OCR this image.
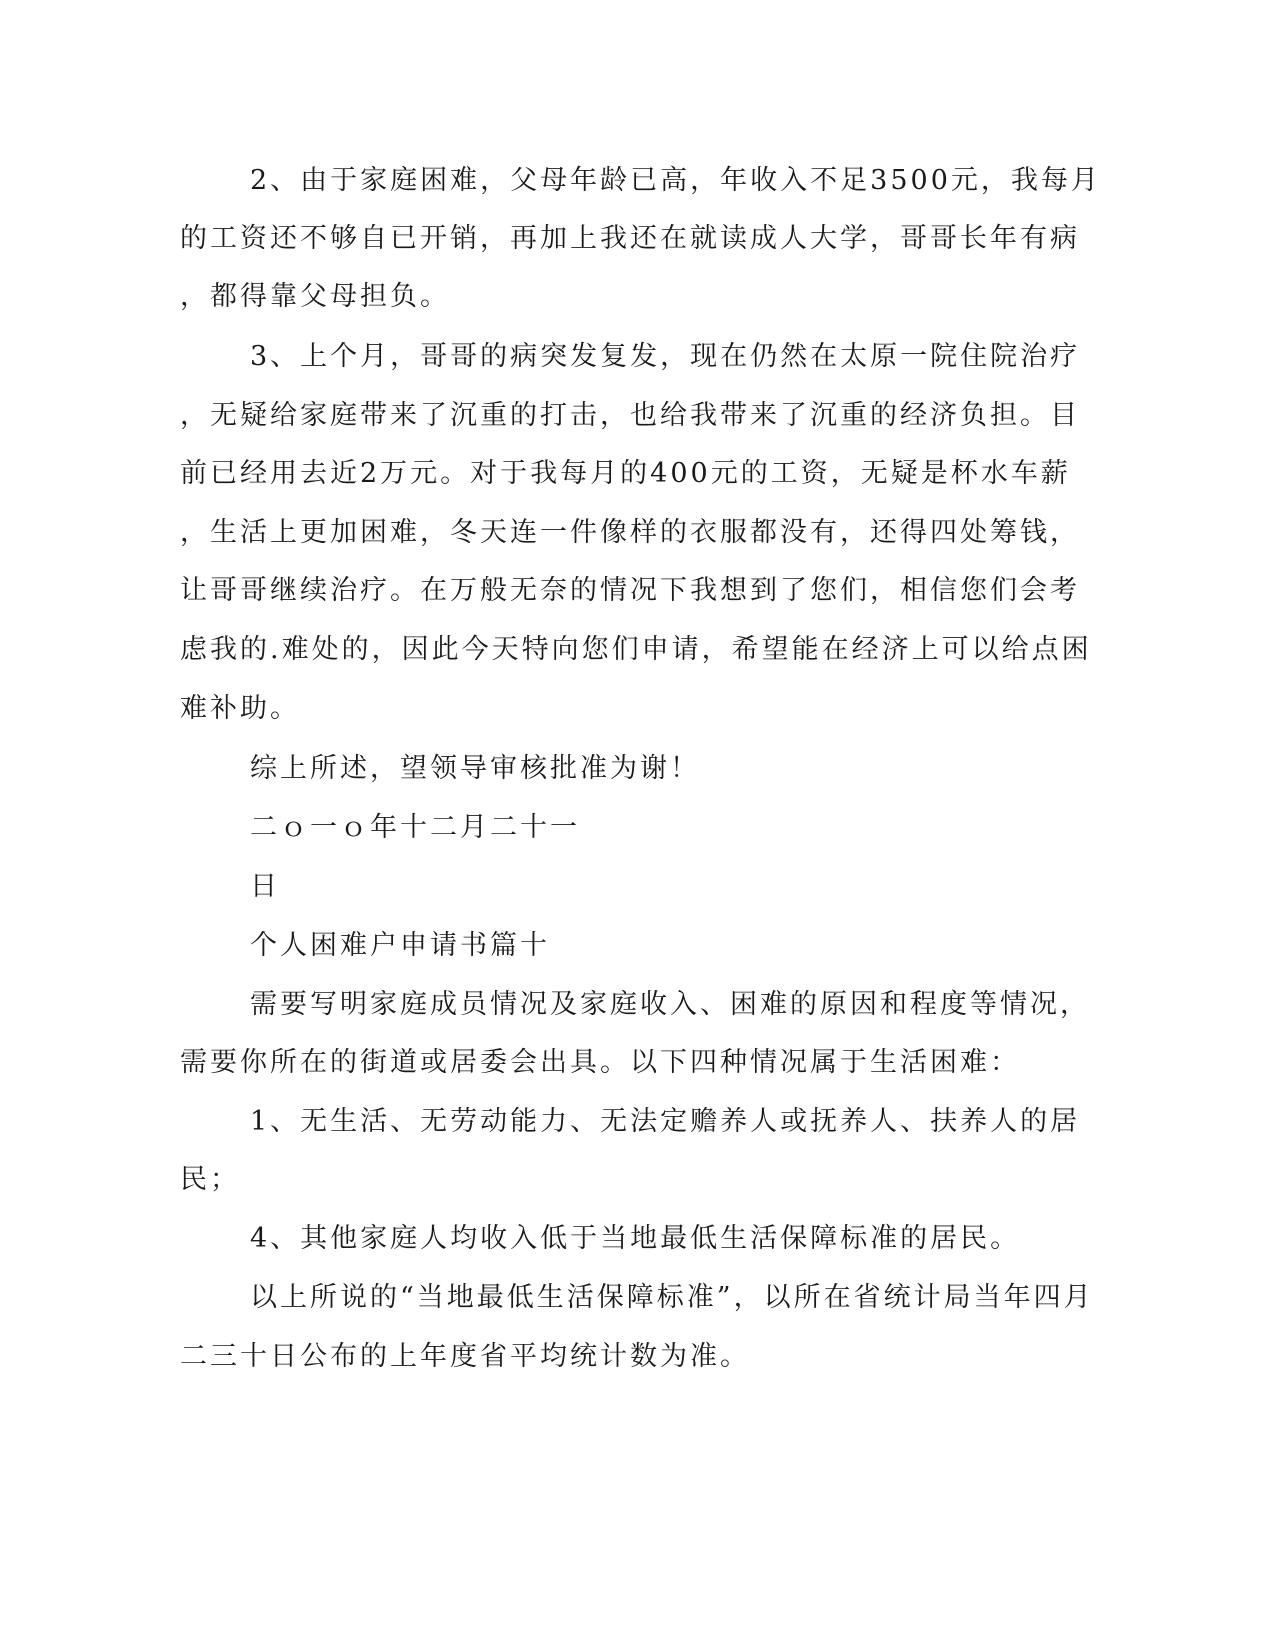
2、由于家庭困难，父母年龄已高，年收入不足3500元，我每月
的工资还不够自已开销，再加上我还在就读成人大学，哥哥长年有病
，都得靠父母担负。
3、上个月，哥哥的病突发复发，现在仍然在太原一院住院治疗
，无疑给家庭带来了沉重的打击，也给我带来了沉重的经济负担。目
前已经用去近2万元。对于我每月的400元的工资，无疑是杯水车薪
，生活上更加困难，冬天连一件像样的衣服都没有，还得四处筹钱，
让哥哥继续治疗。在万般无奈的情况下我想到了您们，相信您们会考
虑我的.难处的，因此今天特向您们申请，希望能在经济上可以给点困
难补助。
综上所述，望领导审核批准为谢！
二ｏ一ｏ年十二月二十一
日
个人困难户申请书篇十
需要写明家庭成员情况及家庭收入、困难的原因和程度等情况，
需要你所在的街道或居委会出具。以下四种情况属于生活困难：
1、无生活、无劳动能力、无法定赡养人或抚养人、扶养人的居
民；
4、其他家庭人均收入低于当地最低生活保障标准的居民。
以上所说的“当地最低生活保障标准”，以所在省统计局当年四月
二三十日公布的上年度省平均统计数为准。
